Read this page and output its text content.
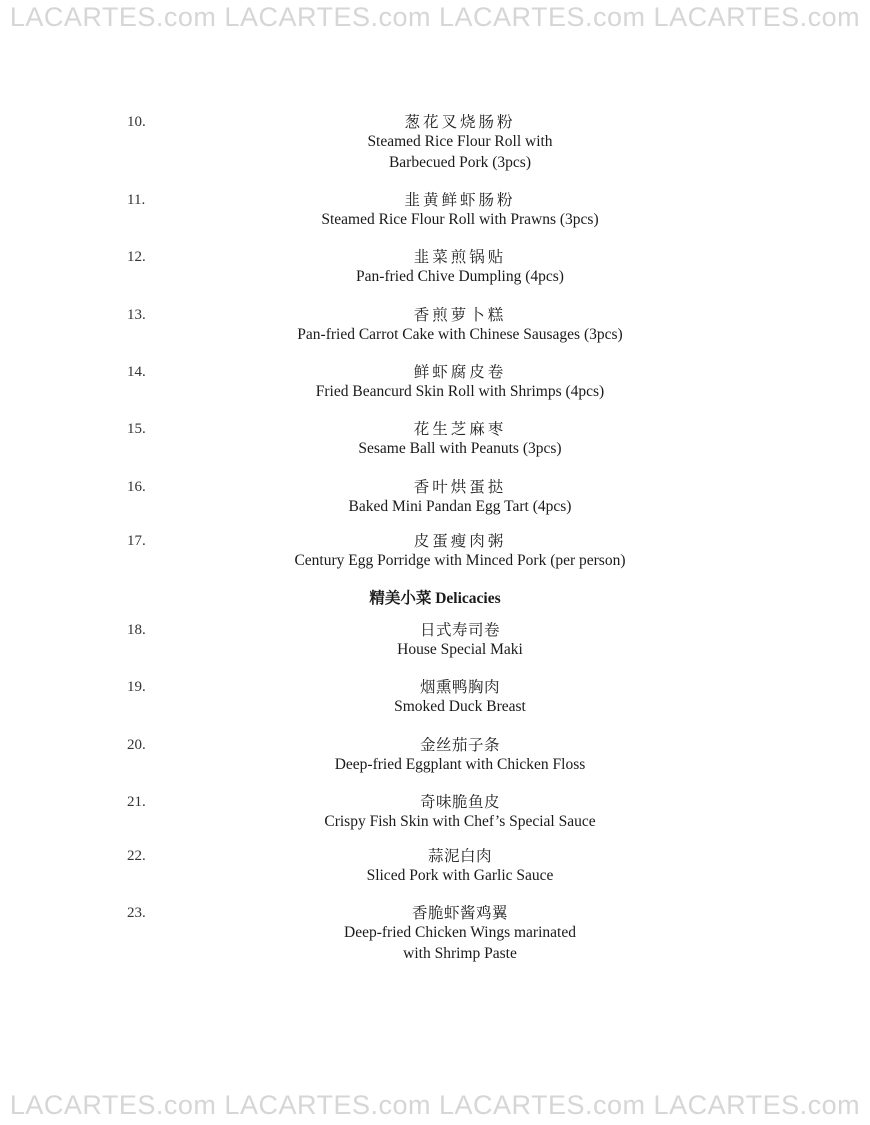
LACARTES.com LACARTES.com LACARTES.com LACARTES.com
10.	葱花叉烧肠粉
Steamed Rice Flour Roll with
Barbecued Pork (3pcs)
11.	韭黄鲜虾肠粉
Steamed Rice Flour Roll with Prawns (3pcs)
12.	韭菜煎锅贴
Pan-fried Chive Dumpling (4pcs)
13.	香煎萝卜糕
Pan-fried Carrot Cake with Chinese Sausages (3pcs)
14.	鲜虾腐皮卷
Fried Beancurd Skin Roll with Shrimps (4pcs)
15.	花生芝麻枣
Sesame Ball with Peanuts (3pcs)
16.	香叶烘蛋挞
Baked Mini Pandan Egg Tart (4pcs)
17.	皮蛋瘦肉粥
Century Egg Porridge with Minced Pork (per person)
18.	日式寿司卷
House Special Maki
19.	烟熏鸭胸肉
Smoked Duck Breast
20.	金丝茄子条
Deep-fried Eggplant with Chicken Floss
21.	奇味脆鱼皮
Crispy Fish Skin with Chef’s Special Sauce
22.	蒜泥白肉
Sliced Pork with Garlic Sauce
23.	香脆虾酱鸡翼
Deep-fried Chicken Wings marinated
with Shrimp Paste
精美小菜 Delicacies
LACARTES.com LACARTES.com LACARTES.com LACARTES.com
